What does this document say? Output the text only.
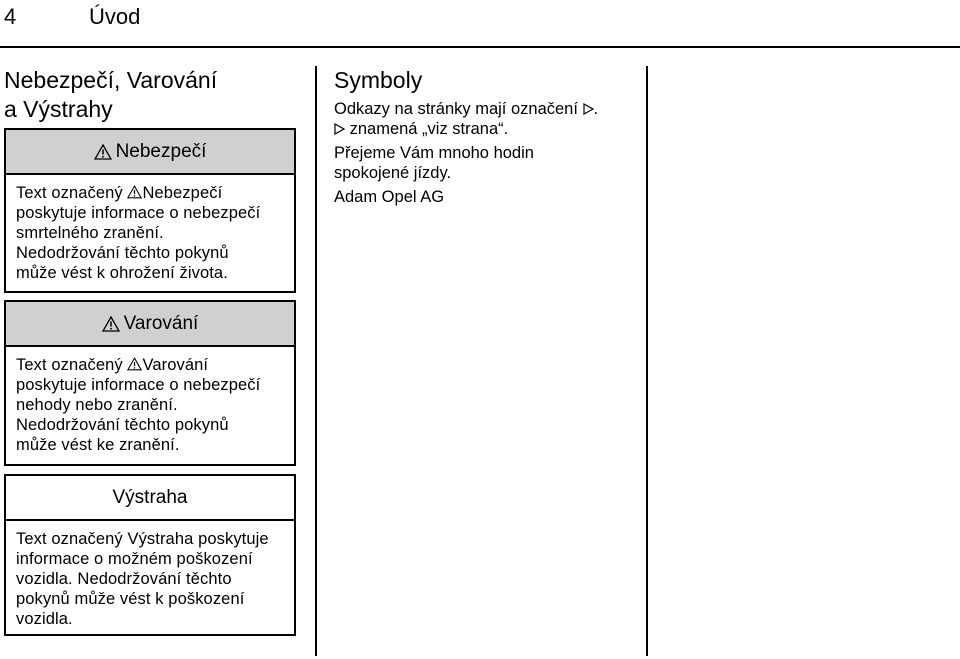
4	Úvod
Nebezpečí, Varování
a Výstrahy
Nebezpečí
Text označený Nebezpečí
poskytuje informace o nebezpečí
smrtelného zranění.
Nedodržování těchto pokynů
může vést k ohrožení života.
Varování
Text označený Varování
poskytuje informace o nebezpečí
nehody nebo zranění.
Nedodržování těchto pokynů
může vést ke zranění.
Výstraha
Text označený Výstraha poskytuje
informace o možném poškození
vozidla. Nedodržování těchto
pokynů může vést k poškození
vozidla.
Symboly

Odkazy na stránky mají označení .

znamená „viz strana“.

Přejeme Vám mnoho hodin

spokojené jízdy.

Adam Opel AG
